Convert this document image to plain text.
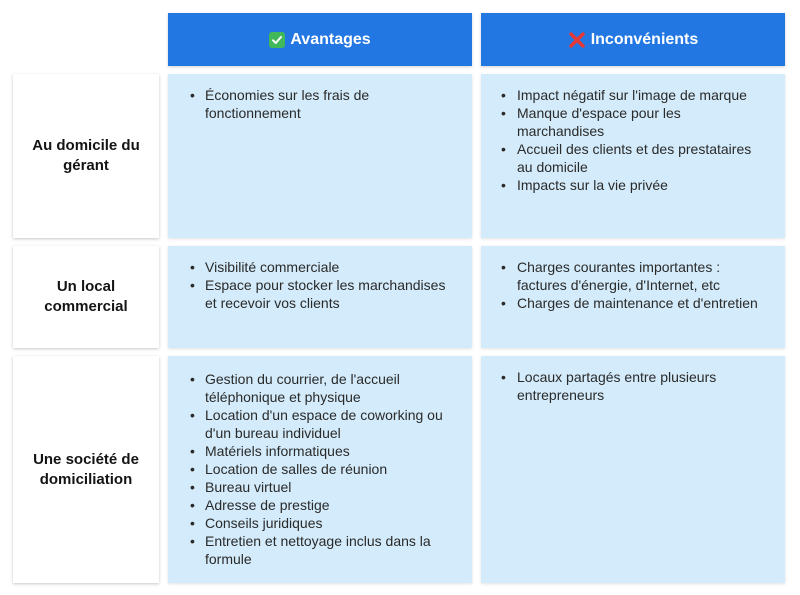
Avantages	Inconvénients
Au domicile du gérant
• Économies sur les frais de fonctionnement
• Impact négatif sur l'image de marque
• Manque d'espace pour les marchandises
• Accueil des clients et des prestataires au domicile
• Impacts sur la vie privée
Un local commercial
• Visibilité commerciale
• Espace pour stocker les marchandises et recevoir vos clients
• Charges courantes importantes : factures d'énergie, d'Internet, etc
• Charges de maintenance et d'entretien
Une société de domiciliation
• Gestion du courrier, de l'accueil téléphonique et physique
• Location d'un espace de coworking ou d'un bureau individuel
• Matériels informatiques
• Location de salles de réunion
• Bureau virtuel
• Adresse de prestige
• Conseils juridiques
• Entretien et nettoyage inclus dans la formule
• Locaux partagés entre plusieurs entrepreneurs
